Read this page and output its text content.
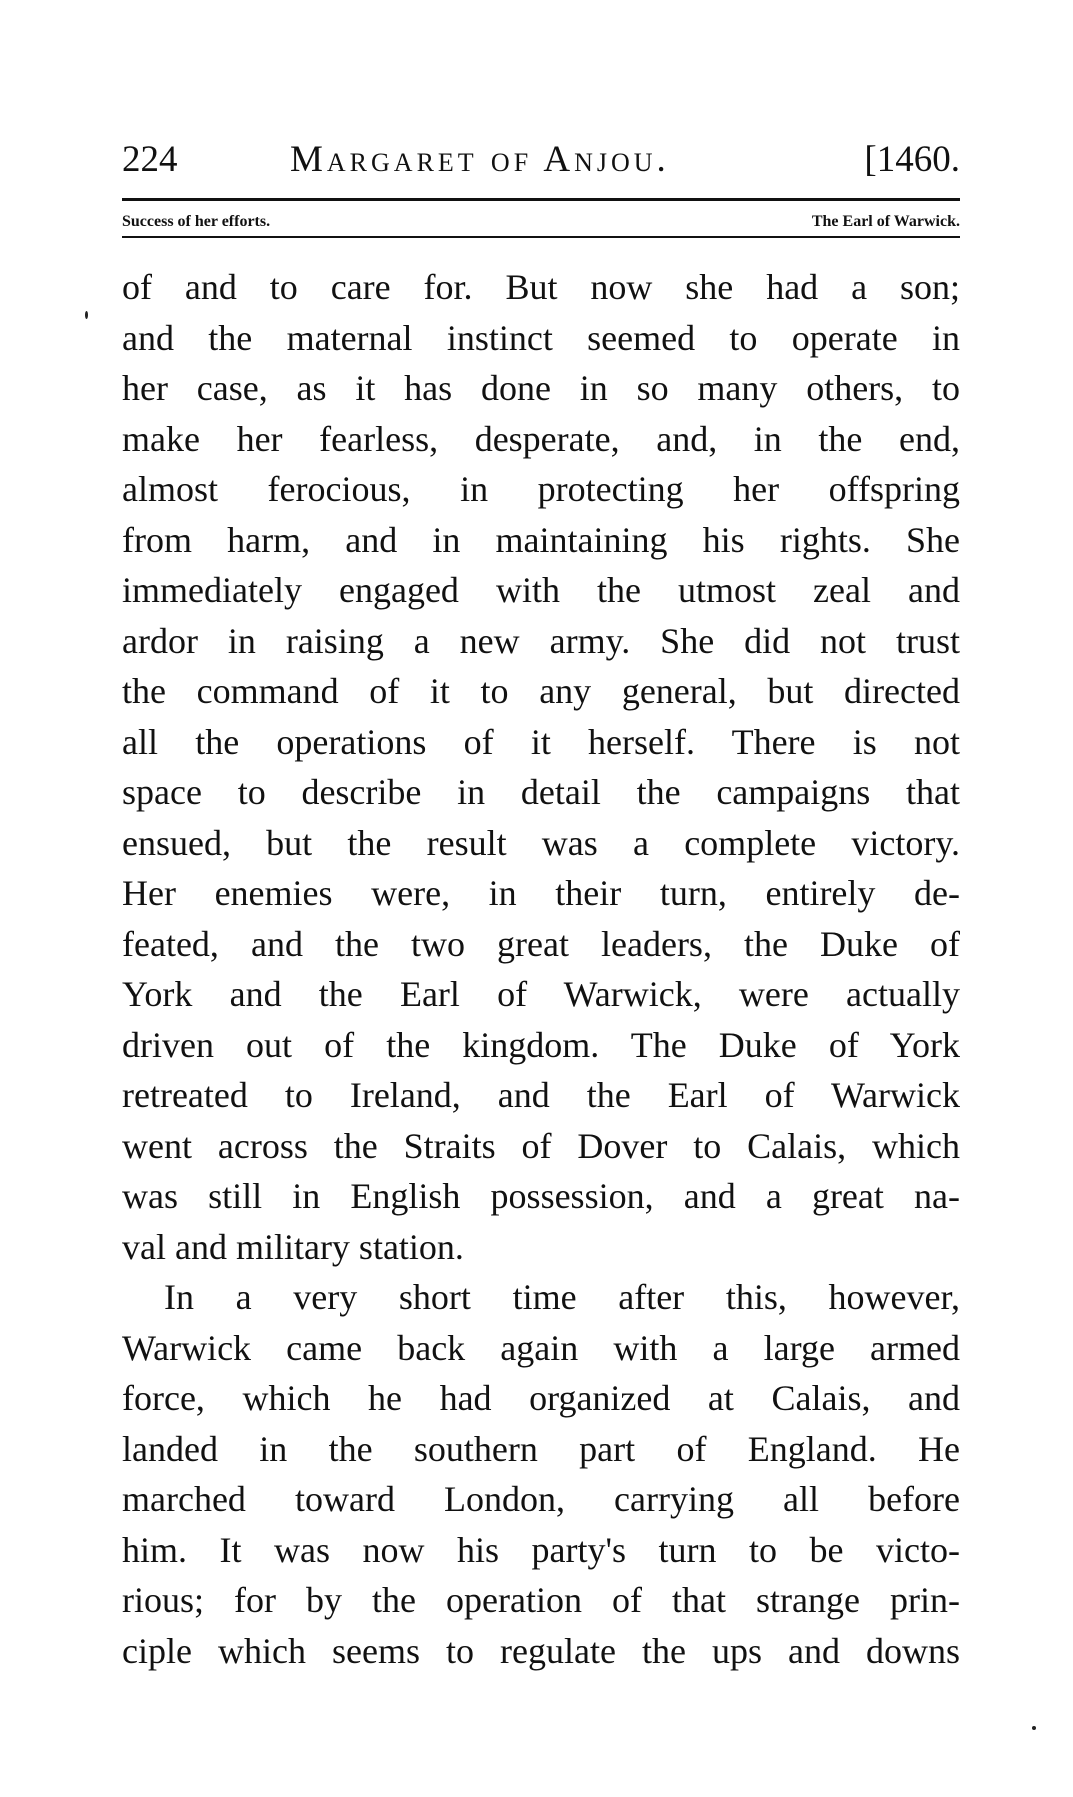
224	Margaret of Anjou.	[1460.
Success of her efforts.	The Earl of Warwick.
of and to care for. But now she had a son;
and the maternal instinct seemed to operate in
her case, as it has done in so many others, to
make her fearless, desperate, and, in the end,
almost ferocious, in protecting her offspring
from harm, and in maintaining his rights. She
immediately engaged with the utmost zeal and
ardor in raising a new army. She did not trust
the command of it to any general, but directed
all the operations of it herself. There is not
space to describe in detail the campaigns that
ensued, but the result was a complete victory.
Her enemies were, in their turn, entirely de-
feated, and the two great leaders, the Duke of
York and the Earl of Warwick, were actually
driven out of the kingdom. The Duke of York
retreated to Ireland, and the Earl of Warwick
went across the Straits of Dover to Calais, which
was still in English possession, and a great na-
val and military station.
In a very short time after this, however,
Warwick came back again with a large armed
force, which he had organized at Calais, and
landed in the southern part of England. He
marched toward London, carrying all before
him. It was now his party's turn to be victo-
rious; for by the operation of that strange prin-
ciple which seems to regulate the ups and downs
